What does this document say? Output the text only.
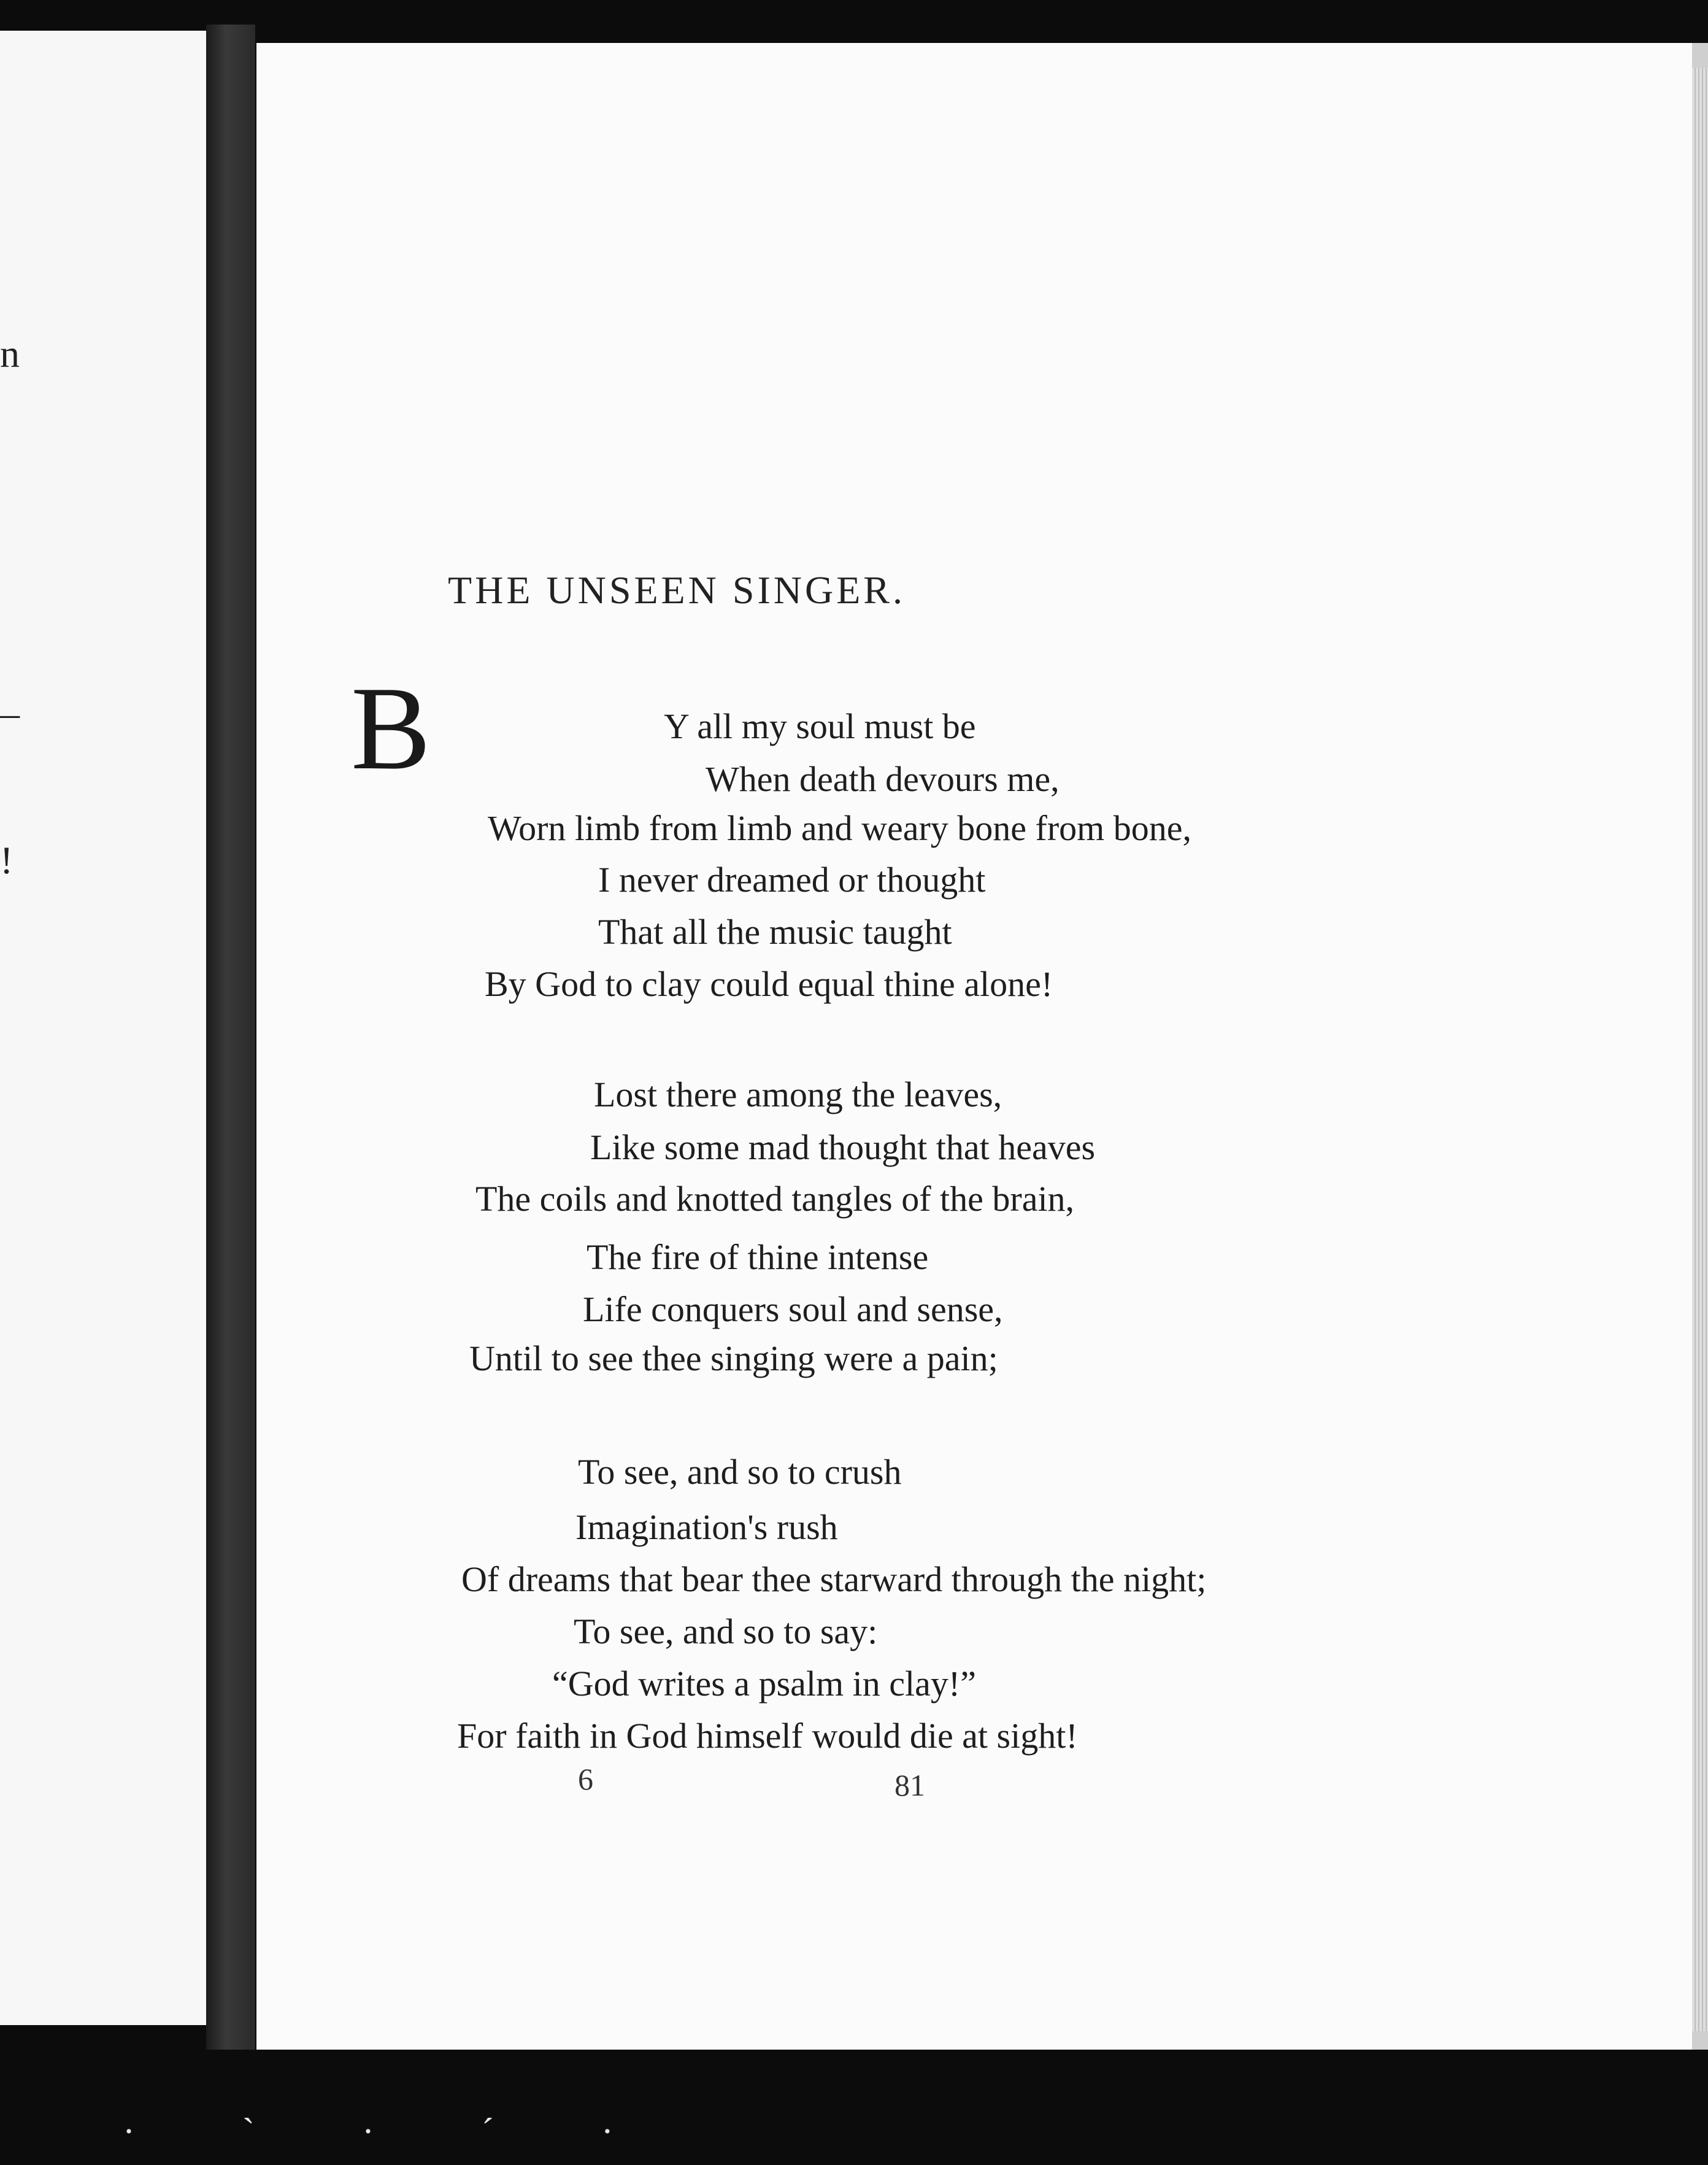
n
–
!
THE UNSEEN SINGER.
B	Y all my soul must be
When death devours me,
Worn limb from limb and weary bone from bone,
I never dreamed or thought
That all the music taught
By God to clay could equal thine alone!
Lost there among the leaves,
Like some mad thought that heaves
The coils and knotted tangles of the brain,
The fire of thine intense
Life conquers soul and sense,
Until to see thee singing were a pain;
To see, and so to crush
Imagination's rush
Of dreams that bear thee starward through the night;
To see, and so to say:
“God writes a psalm in clay!”
For faith in God himself would die at sight!
6	81
· ˋ · ˊ ·
